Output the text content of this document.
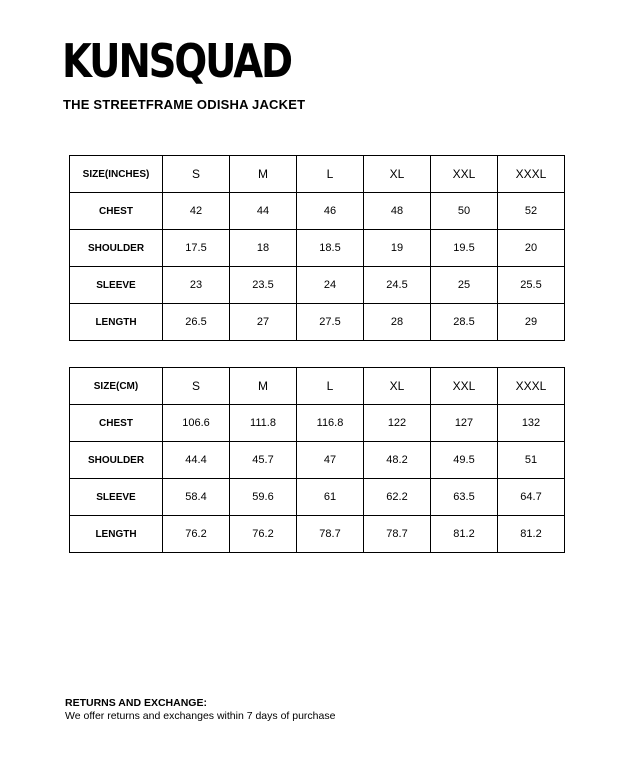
KUNSQUAD
THE STREETFRAME ODISHA JACKET
SIZE(INCHES)	S	M	L	XL	XXL	XXXL
CHEST	42	44	46	48	50	52
SHOULDER	17.5	18	18.5	19	19.5	20
SLEEVE	23	23.5	24	24.5	25	25.5
LENGTH	26.5	27	27.5	28	28.5	29
SIZE(CM)	S	M	L	XL	XXL	XXXL
CHEST	106.6	111.8	116.8	122	127	132
SHOULDER	44.4	45.7	47	48.2	49.5	51
SLEEVE	58.4	59.6	61	62.2	63.5	64.7
LENGTH	76.2	76.2	78.7	78.7	81.2	81.2
RETURNS AND EXCHANGE:
We offer returns and exchanges within 7 days of purchase
